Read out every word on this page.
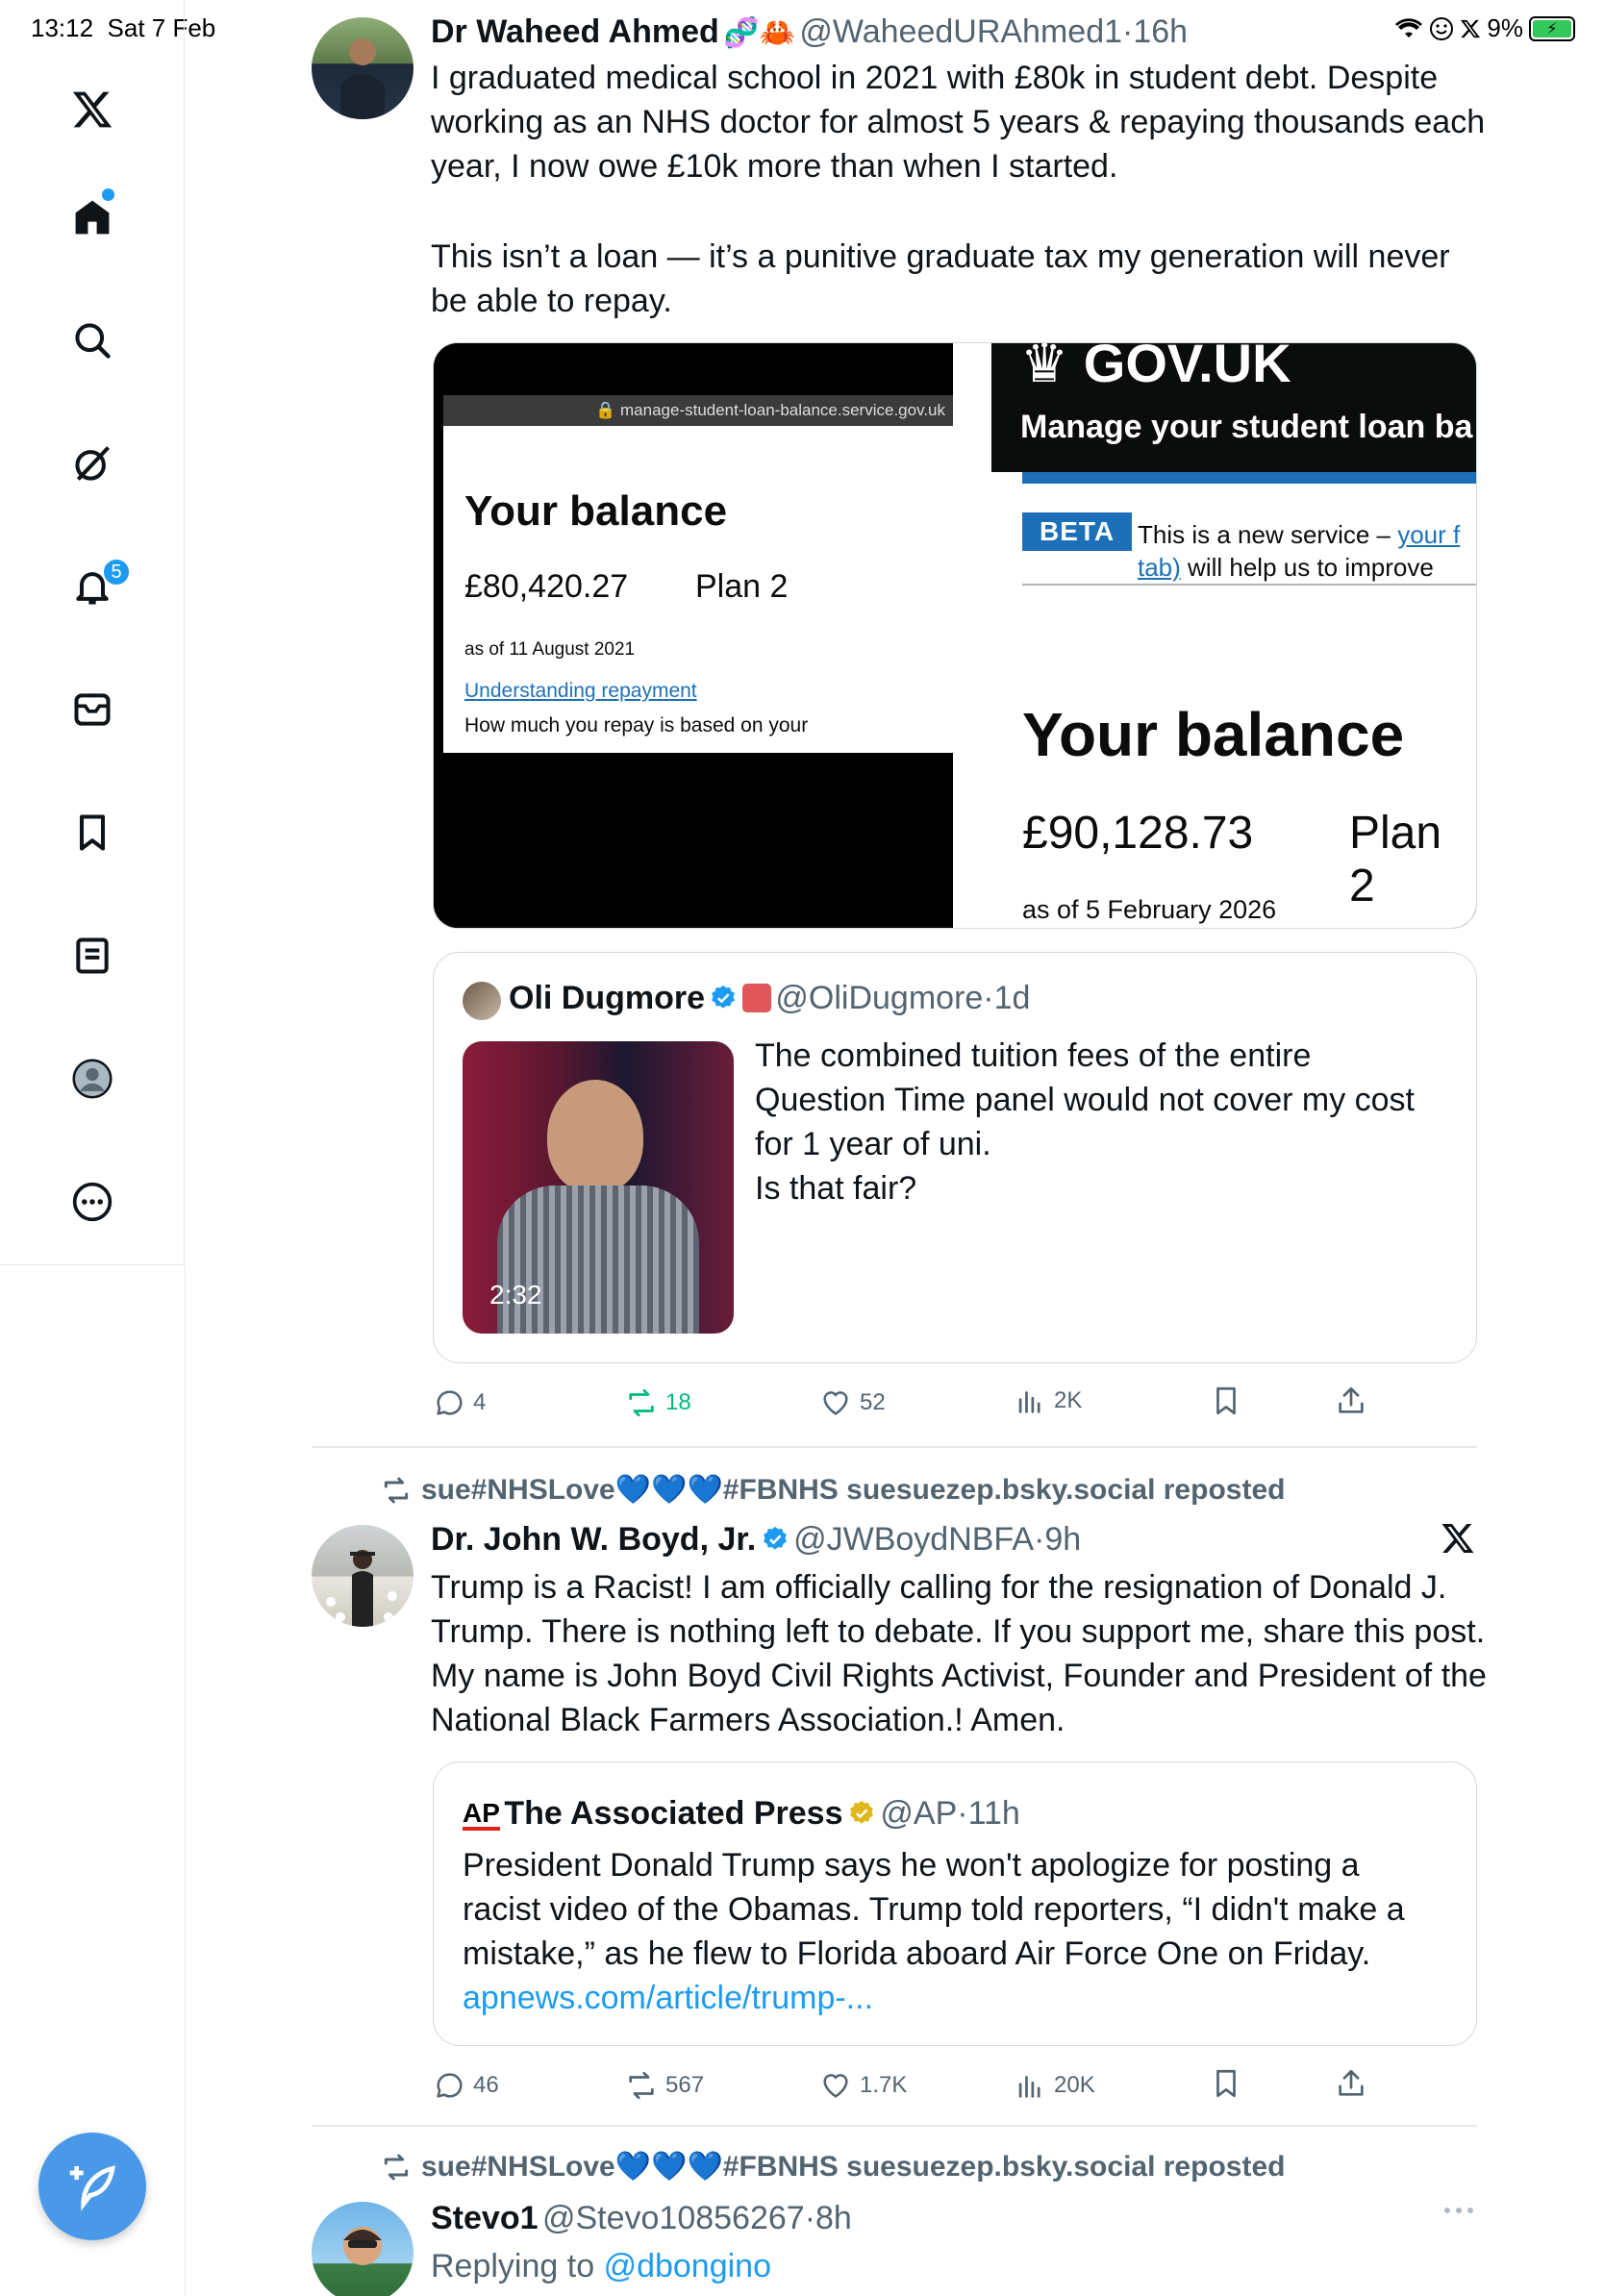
13:12 Sat 7 Feb	9%	⚡
5
Dr Waheed Ahmed 🧬🦀 @WaheedURAhmed1·16h
I graduated medical school in 2021 with £80k in student debt. Despite working as an NHS doctor for almost 5 years & repaying thousands each year, I now owe £10k more than when I started.
This isn’t a loan — it’s a punitive graduate tax my generation will never be able to repay.
🔒 manage-student-loan-balance.service.gov.uk
Your balance
£80,420.27 Plan 2
as of 11 August 2021
Understanding repayment
How much you repay is based on your
♛ GOV.UK
Manage your student loan ba
BETA This is a new service – your f
tab) will help us to improve
Your balance
£90,128.73 Plan 2
as of 5 February 2026
Oli Dugmore @OliDugmore·1d
2:32
The combined tuition fees of the entire Question Time panel would not cover my cost for 1 year of uni.
Is that fair?
4	18	52	2K
sue#NHSLove💙💙💙#FBNHS suesuezep.bsky.social reposted
Dr. John W. Boyd, Jr. @JWBoydNBFA·9h
Trump is a Racist! I am officially calling for the resignation of Donald J. Trump. There is nothing left to debate. If you support me, share this post. My name is John Boyd Civil Rights Activist, Founder and President of the National Black Farmers Association.! Amen.
AP The Associated Press @AP·11h
President Donald Trump says he won't apologize for posting a racist video of the Obamas. Trump told reporters, “I didn't make a mistake,” as he flew to Florida aboard Air Force One on Friday.
apnews.com/article/trump-...
46	567	1.7K	20K
sue#NHSLove💙💙💙#FBNHS suesuezep.bsky.social reposted
Stevo1 @Stevo10856267·8h
Replying to @dbongino
